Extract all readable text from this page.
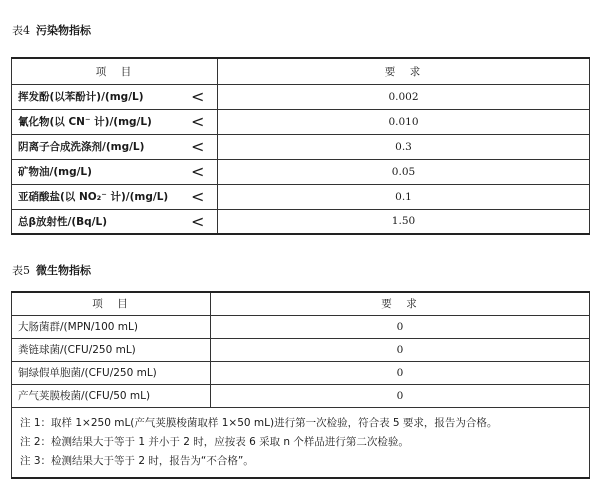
表4 污染物指标
项　目		要　求
挥发酚(以苯酚计)/(mg/L)	<	0.002
氰化物(以 CN⁻ 计)/(mg/L)	<	0.010
阴离子合成洗涤剂/(mg/L)	<	0.3
矿物油/(mg/L)	<	0.05
亚硝酸盐(以 NO₂⁻ 计)/(mg/L)	<	0.1
总β放射性/(Bq/L)	<	1.50
表5 微生物指标
项　目	要　求
大肠菌群/(MPN/100 mL)	0
粪链球菌/(CFU/250 mL)	0
铜绿假单胞菌/(CFU/250 mL)	0
产气荚膜梭菌/(CFU/50 mL)	0

注 1：取样 1×250 mL(产气荚膜梭菌取样 1×50 mL)进行第一次检验，符合表 5 要求，报告为合格。
注 2：检测结果大于等于 1 并小于 2 时，应按表 6 采取 n 个样品进行第二次检验。
注 3：检测结果大于等于 2 时，报告为“不合格”。	
